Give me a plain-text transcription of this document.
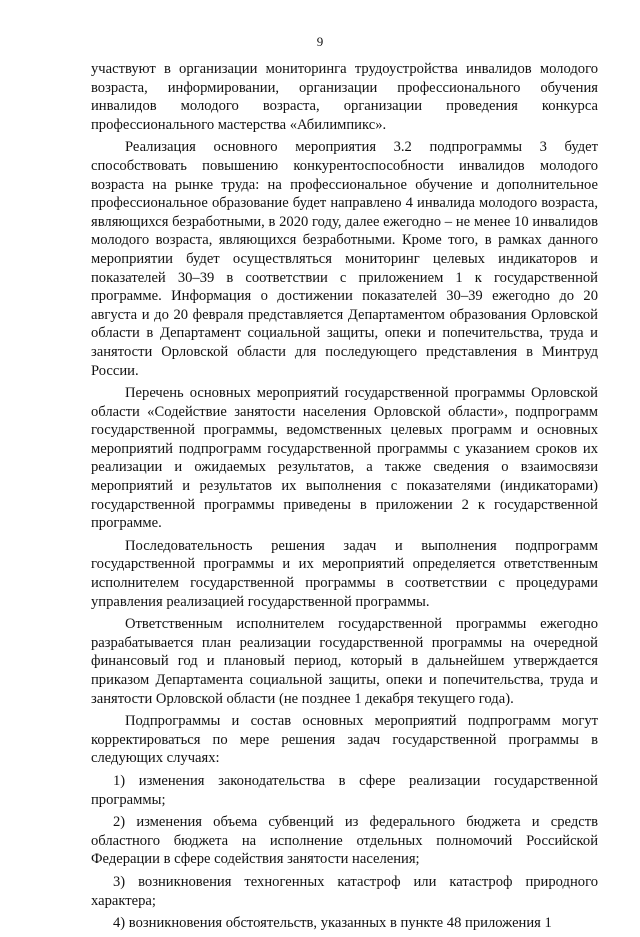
9

участвуют в организации мониторинга трудоустройства инвалидов молодого возраста, информировании, организации профессионального обучения инвалидов молодого возраста, организации проведения конкурса профессионального мастерства «Абилимпикс».

Реализация основного мероприятия 3.2 подпрограммы 3 будет способствовать повышению конкурентоспособности инвалидов молодого возраста на рынке труда: на профессиональное обучение и дополнительное профессиональное образование будет направлено 4 инвалида молодого возраста, являющихся безработными, в 2020 году, далее ежегодно – не менее 10 инвалидов молодого возраста, являющихся безработными. Кроме того, в рамках данного мероприятии будет осуществляться мониторинг целевых индикаторов и показателей 30–39 в соответствии с приложением 1 к государственной программе. Информация о достижении показателей 30–39 ежегодно до 20 августа и до 20 февраля представляется Департаментом образования Орловской области в Департамент социальной защиты, опеки и попечительства, труда и занятости Орловской области для последующего представления в Минтруд России.

Перечень основных мероприятий государственной программы Орловской области «Содействие занятости населения Орловской области», подпрограмм государственной программы, ведомственных целевых программ и основных мероприятий подпрограмм государственной программы с указанием сроков их реализации и ожидаемых результатов, а также сведения о взаимосвязи мероприятий и результатов их выполнения с показателями (индикаторами) государственной программы приведены в приложении 2 к государственной программе.

Последовательность решения задач и выполнения подпрограмм государственной программы и их мероприятий определяется ответственным исполнителем государственной программы в соответствии с процедурами управления реализацией государственной программы.

Ответственным исполнителем государственной программы ежегодно разрабатывается план реализации государственной программы на очередной финансовый год и плановый период, который в дальнейшем утверждается приказом Департамента социальной защиты, опеки и попечительства, труда и занятости Орловской области (не позднее 1 декабря текущего года).

Подпрограммы и состав основных мероприятий подпрограмм могут корректироваться по мере решения задач государственной программы в следующих случаях:

1) изменения законодательства в сфере реализации государственной программы;

2) изменения объема субвенций из федерального бюджета и средств областного бюджета на исполнение отдельных полномочий Российской Федерации в сфере содействия занятости населения;

3) возникновения техногенных катастроф или катастроф природного характера;

4) возникновения обстоятельств, указанных в пункте 48 приложения 1
